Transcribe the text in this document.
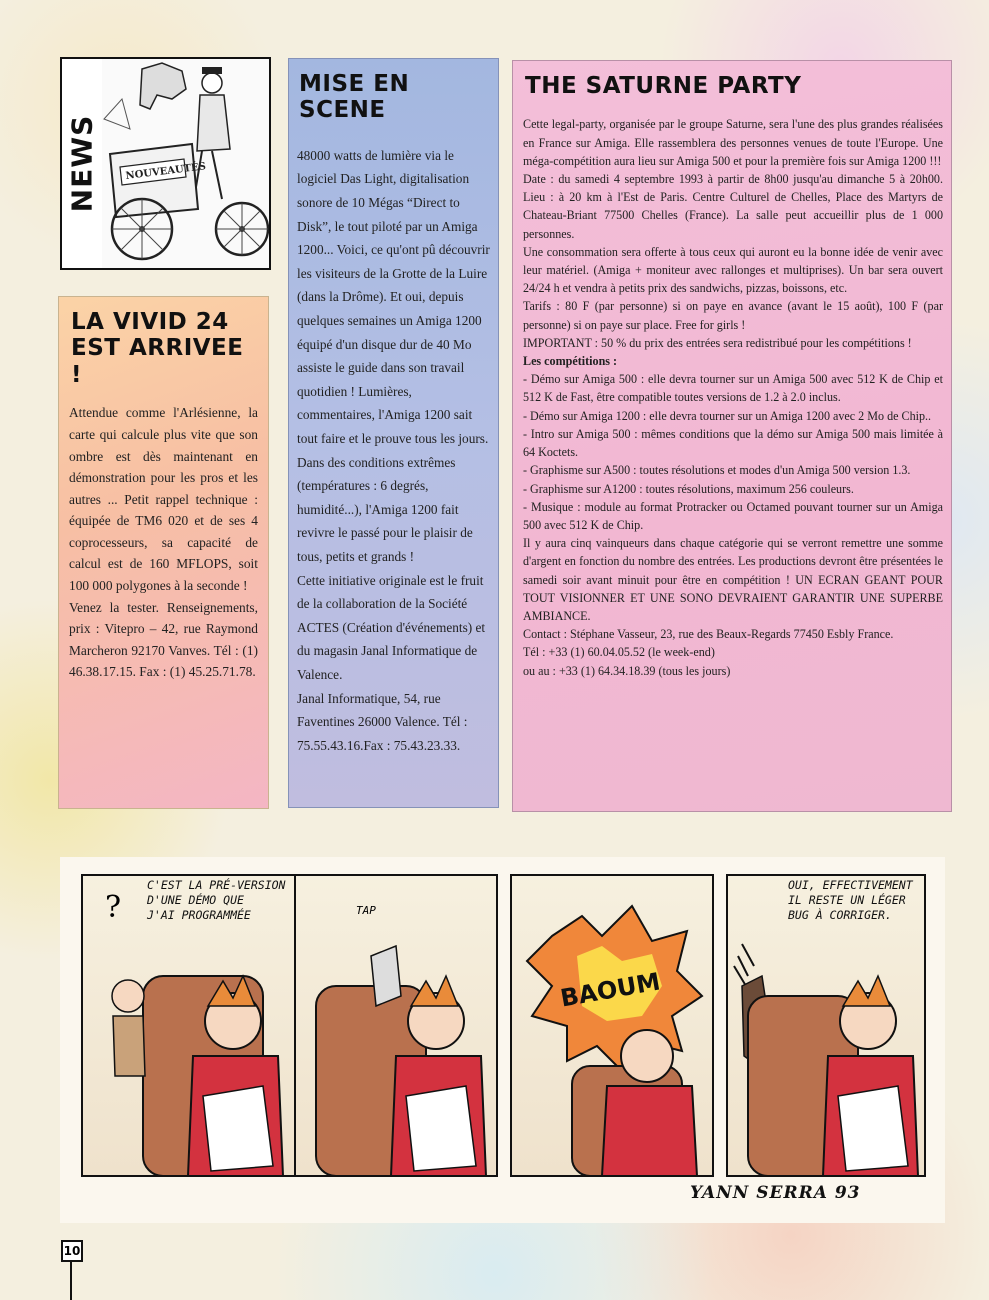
NEWS	NOUVEAUTÉS
LA VIVID 24 EST ARRIVEE !

Attendue comme l'Arlésienne, la carte qui calcule plus vite que son ombre est dès maintenant en démonstration pour les pros et les autres ... Petit rappel technique : équipée de TM6 020 et de ses 4 coprocesseurs, sa capacité de calcul est de 160 MFLOPS, soit 100 000 polygones à la seconde !

Venez la tester. Renseignements, prix : Vitepro – 42, rue Raymond Marcheron 92170 Vanves. Tél : (1) 46.38.17.15. Fax : (1) 45.25.71.78.

MISE EN SCENE

48000 watts de lumière via le logiciel Das Light, digitalisation sonore de 10 Mégas “Direct to Disk”, le tout piloté par un Amiga 1200... Voici, ce qu'ont pû découvrir les visiteurs de la Grotte de la Luire (dans la Drôme). Et oui, depuis quelques semaines un Amiga 1200 équipé d'un disque dur de 40 Mo assiste le guide dans son travail quotidien ! Lumières, commentaires, l'Amiga 1200 sait tout faire et le prouve tous les jours. Dans des conditions extrêmes (températures : 6 degrés, humidité...), l'Amiga 1200 fait revivre le passé pour le plaisir de tous, petits et grands !

Cette initiative originale est le fruit de la collaboration de la Société ACTES (Création d'événements) et du magasin Janal Informatique de Valence.

Janal Informatique, 54, rue Faventines 26000 Valence. Tél : 75.55.43.16.Fax : 75.43.23.33.

THE SATURNE PARTY

Cette legal-party, organisée par le groupe Saturne, sera l'une des plus grandes réalisées en France sur Amiga. Elle rassemblera des personnes venues de toute l'Europe. Une méga-compétition aura lieu sur Amiga 500 et pour la première fois sur Amiga 1200 !!!

Date : du samedi 4 septembre 1993 à partir de 8h00 jusqu'au dimanche 5 à 20h00. Lieu : à 20 km à l'Est de Paris. Centre Culturel de Chelles, Place des Martyrs de Chateau-Briant 77500 Chelles (France). La salle peut accueillir plus de 1 000 personnes.

Une consommation sera offerte à tous ceux qui auront eu la bonne idée de venir avec leur matériel. (Amiga + moniteur avec rallonges et multiprises). Un bar sera ouvert 24/24 h et vendra à petits prix des sandwichs, pizzas, boissons, etc.

Tarifs : 80 F (par personne) si on paye en avance (avant le 15 août), 100 F (par personne) si on paye sur place. Free for girls !

IMPORTANT : 50 % du prix des entrées sera redistribué pour les compétitions !

Les compétitions :

- Démo sur Amiga 500 : elle devra tourner sur un Amiga 500 avec 512 K de Chip et 512 K de Fast, être compatible toutes versions de 1.2 à 2.0 inclus.

- Démo sur Amiga 1200 : elle devra tourner sur un Amiga 1200 avec 2 Mo de Chip..

- Intro sur Amiga 500 : mêmes conditions que la démo sur Amiga 500 mais limitée à 64 Koctets.

- Graphisme sur A500 : toutes résolutions et modes d'un Amiga 500 version 1.3.

- Graphisme sur A1200 : toutes résolutions, maximum 256 couleurs.

- Musique : module au format Protracker ou Octamed pouvant tourner sur un Amiga 500 avec 512 K de Chip.

Il y aura cinq vainqueurs dans chaque catégorie qui se verront remettre une somme d'argent en fonction du nombre des entrées. Les productions devront être présentées le samedi soir avant minuit pour être en compétition ! UN ECRAN GEANT POUR TOUT VISIONNER ET UNE SONO DEVRAIENT GARANTIR UNE SUPERBE AMBIANCE.

Contact : Stéphane Vasseur, 23, rue des Beaux-Regards 77450 Esbly France.

Tél : +33 (1) 60.04.05.52 (le week-end)

ou au : +33 (1) 64.34.18.39 (tous les jours)

C'EST LA PRÉ-VERSION
D'UNE DÉMO QUE
J'AI PROGRAMMÉE
?	TAP
BAOUM
OUI, EFFECTIVEMENT
IL RESTE UN LÉGER
BUG À CORRIGER.
YANN SERRA 93
10
